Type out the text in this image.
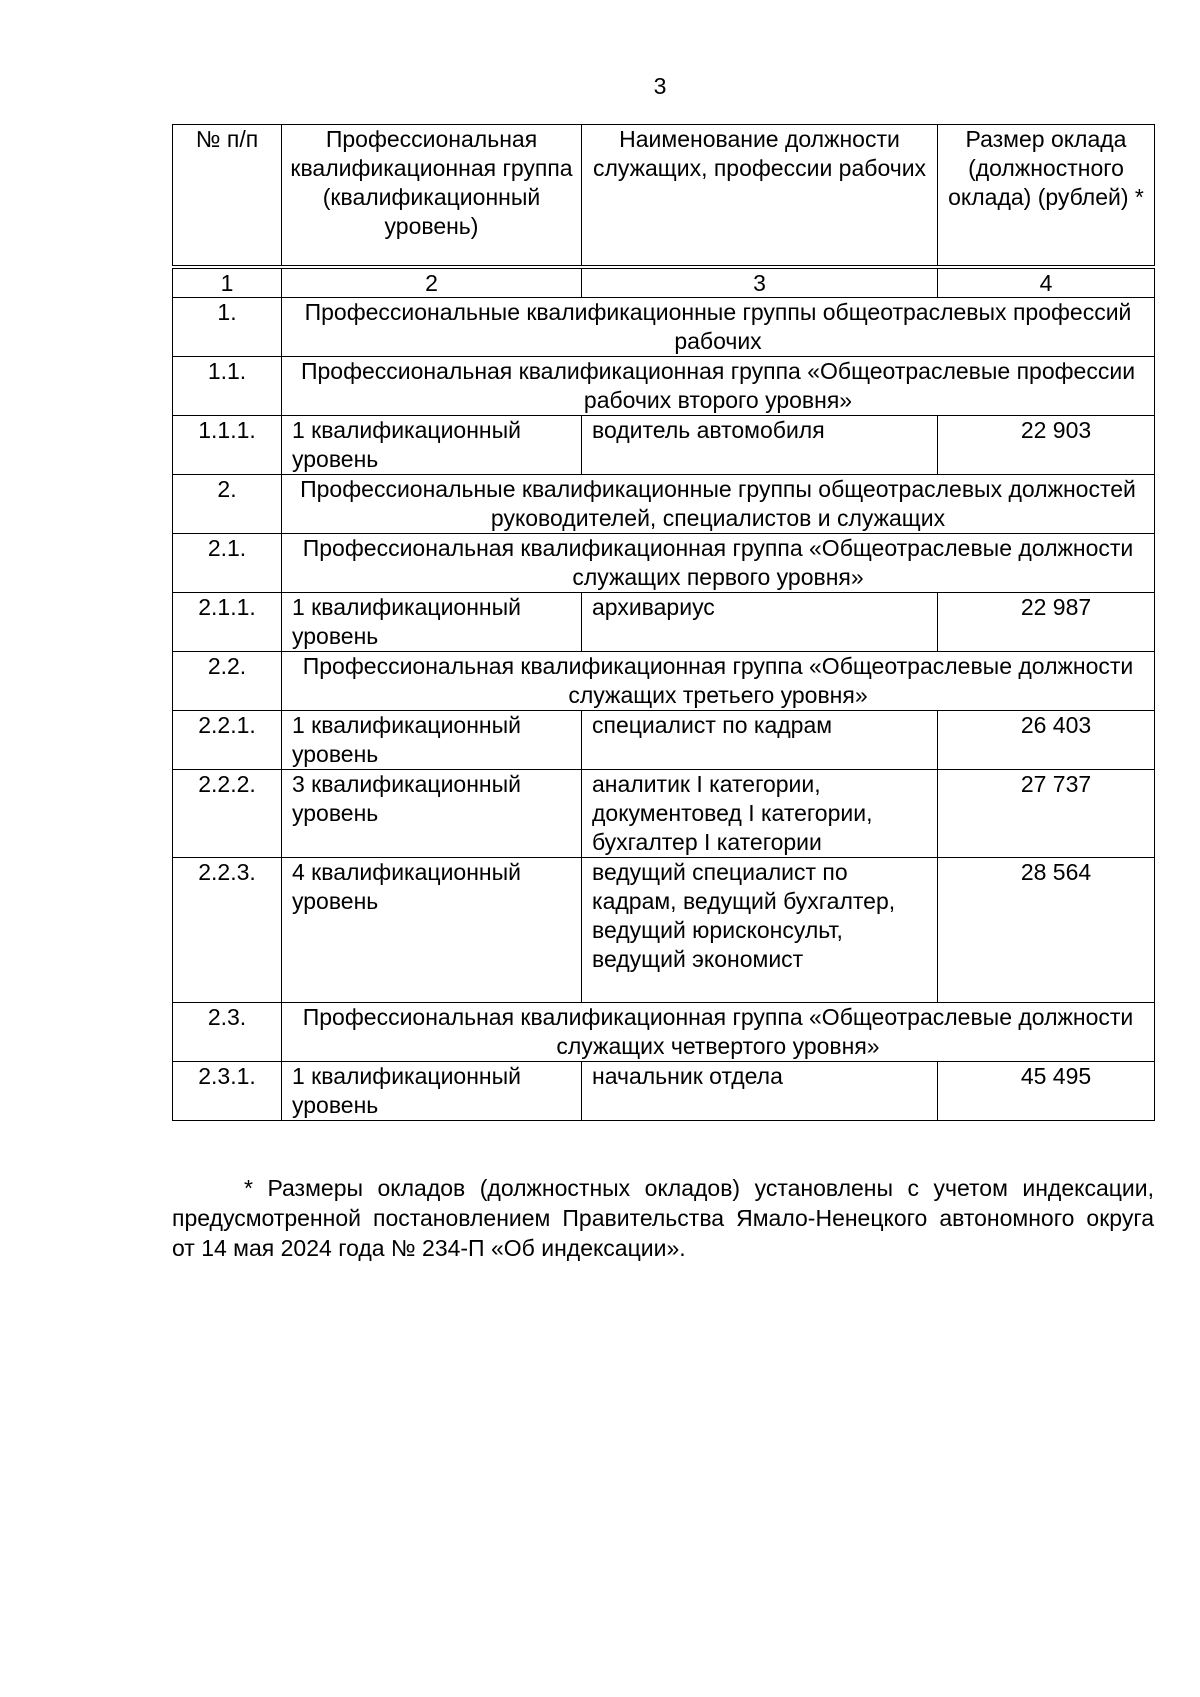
3
№ п/п	Профессиональная квалификационная группа (квалификационный уровень)	Наименование должности служащих, профессии рабочих	Размер оклада (должностного оклада) (рублей) *

1	2	3	4
1.	Профессиональные квалификационные группы общеотраслевых профессий рабочих		
1.1.	Профессиональная квалификационная группа «Общеотраслевые профессии рабочих второго уровня»		
1.1.1.	1 квалификационный уровень	водитель автомобиля	22 903
2.	Профессиональные квалификационные группы общеотраслевых должностей руководителей, специалистов и служащих		
2.1.	Профессиональная квалификационная группа «Общеотраслевые должности служащих первого уровня»		
2.1.1.	1 квалификационный уровень	архивариус	22 987
2.2.	Профессиональная квалификационная группа «Общеотраслевые должности служащих третьего уровня»		
2.2.1.	1 квалификационный уровень	специалист по кадрам	26 403
2.2.2.	3 квалификационный уровень	аналитик I категории, документовед I категории, бухгалтер I категории	27 737
2.2.3.	4 квалификационный уровень	ведущий специалист по кадрам, ведущий бухгалтер, ведущий юрисконсульт, ведущий экономист	28 564
2.3.	Профессиональная квалификационная группа «Общеотраслевые должности служащих четвертого уровня»		
2.3.1.	1 квалификационный уровень	начальник отдела	45 495

* Размеры окладов (должностных окладов) установлены с учетом индексации, предусмотренной постановлением Правительства Ямало-Ненецкого автономного округа от 14 мая 2024 года № 234-П «Об индексации».
